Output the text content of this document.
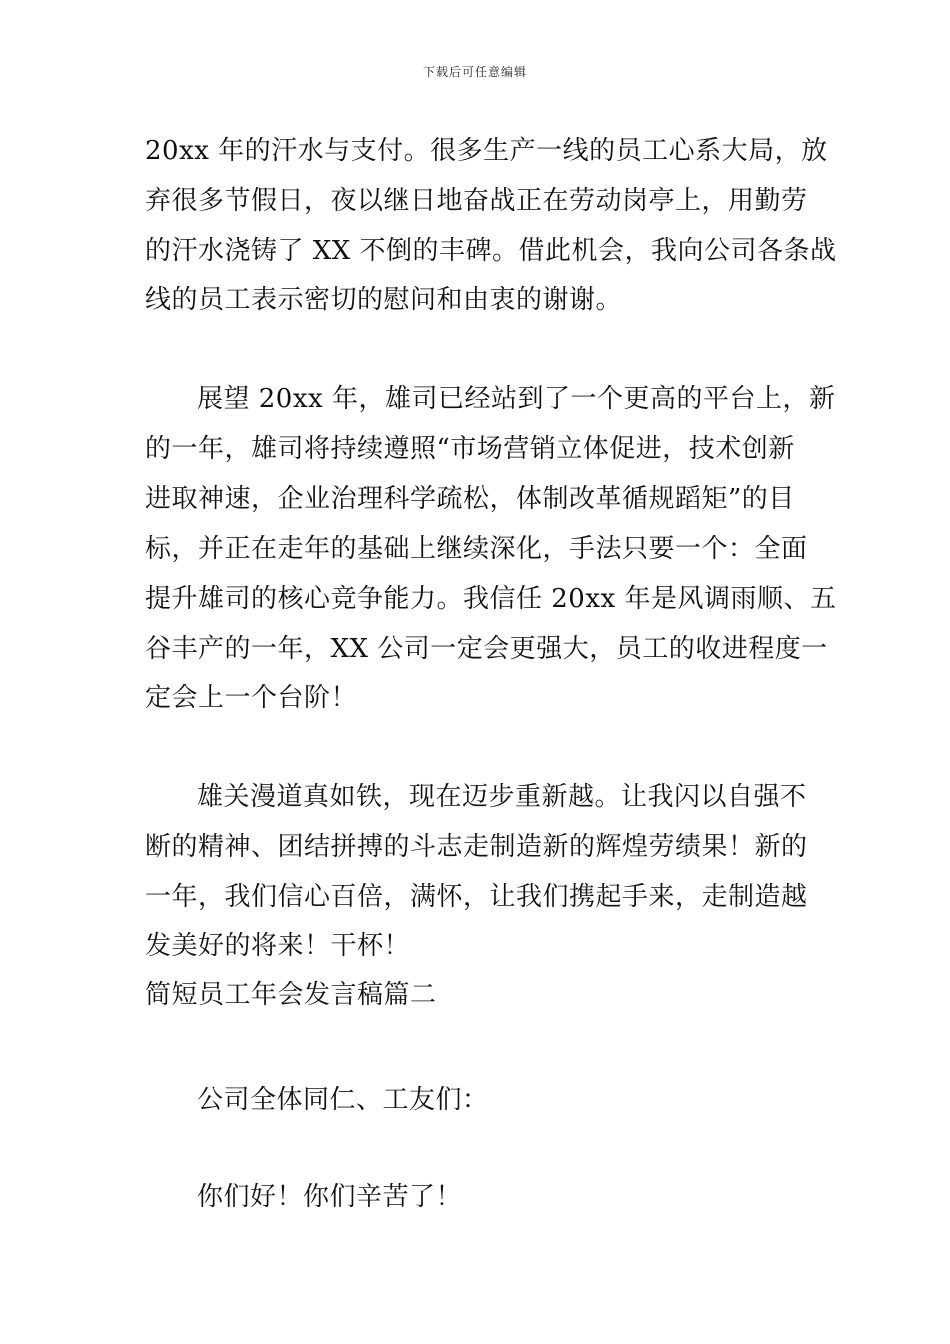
下载后可任意编辑
20xx 年的汗水与支付。很多生产一线的员工心系大局，放
弃很多节假日，夜以继日地奋战正在劳动岗亭上，用勤劳
的汗水浇铸了 XX 不倒的丰碑。借此机会，我向公司各条战
线的员工表示密切的慰问和由衷的谢谢。
展望 20xx 年，雄司已经站到了一个更高的平台上，新
的一年，雄司将持续遵照“市场营销立体促进，技术创新
进取神速，企业治理科学疏松，体制改革循规蹈矩”的目
标，并正在走年的基础上继续深化，手法只要一个：全面
提升雄司的核心竞争能力。我信任 20xx 年是风调雨顺、五
谷丰产的一年，XX 公司一定会更强大，员工的收进程度一
定会上一个台阶！
雄关漫道真如铁，现在迈步重新越。让我闪以自强不
断的精神、团结拼搏的斗志走制造新的辉煌劳绩果！新的
一年，我们信心百倍，满怀，让我们携起手来，走制造越
发美好的将来！干杯！
简短员工年会发言稿篇二
公司全体同仁、工友们：
你们好！你们辛苦了！
